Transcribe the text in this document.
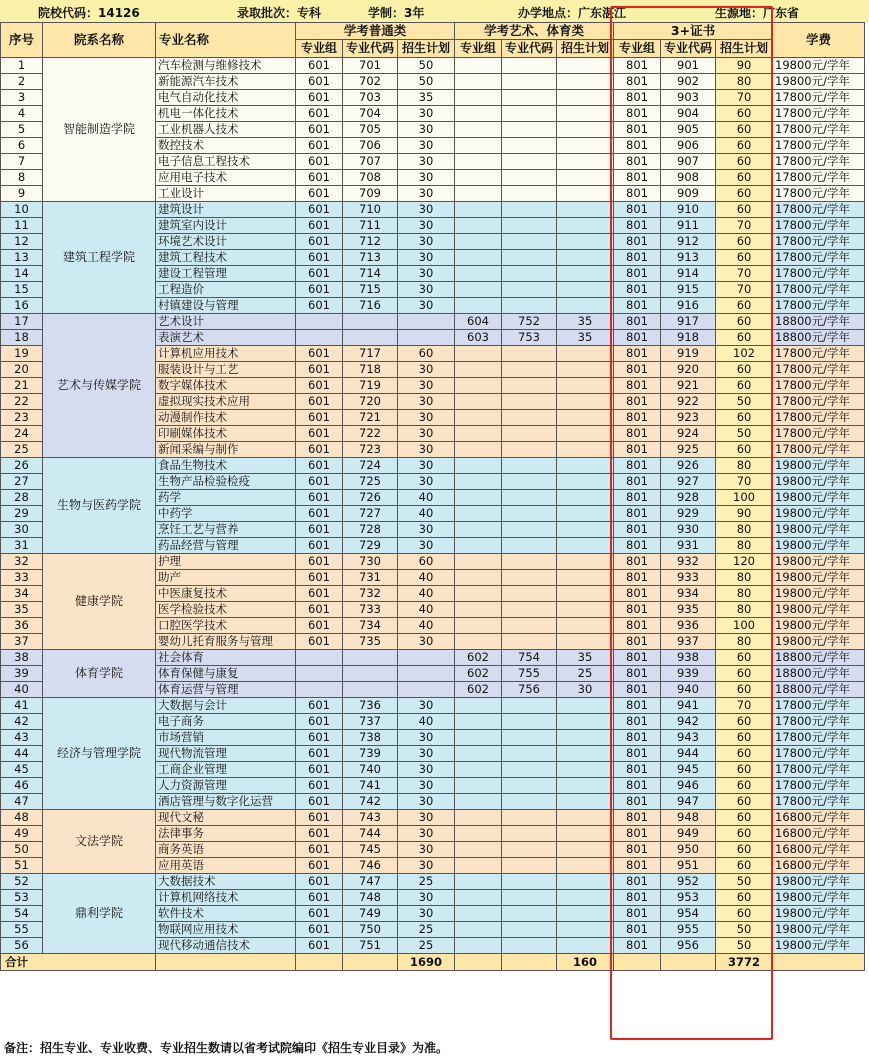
院校代码：14126	录取批次：专科	学制：3年	办学地点：广东湛江	生源地：广东省
序号	院系名称	专业名称	学考普通类			学考艺术、体育类			3+证书			学费
			专业组	专业代码	招生计划	专业组	专业代码	招生计划	专业组	专业代码	招生计划	
1	智能制造学院	汽车检测与维修技术	601	701	50				801	901	90	19800元/学年
2		新能源汽车技术	601	702	50				801	902	80	19800元/学年
3		电气自动化技术	601	703	35				801	903	70	17800元/学年
4		机电一体化技术	601	704	30				801	904	60	17800元/学年
5		工业机器人技术	601	705	30				801	905	60	17800元/学年
6		数控技术	601	706	30				801	906	60	17800元/学年
7		电子信息工程技术	601	707	30				801	907	60	17800元/学年
8		应用电子技术	601	708	30				801	908	60	17800元/学年
9		工业设计	601	709	30				801	909	60	17800元/学年
10	建筑工程学院	建筑设计	601	710	30				801	910	60	17800元/学年
11		建筑室内设计	601	711	30				801	911	70	17800元/学年
12		环境艺术设计	601	712	30				801	912	60	17800元/学年
13		建筑工程技术	601	713	30				801	913	60	17800元/学年
14		建设工程管理	601	714	30				801	914	70	17800元/学年
15		工程造价	601	715	30				801	915	70	17800元/学年
16		村镇建设与管理	601	716	30				801	916	60	17800元/学年
17	艺术与传媒学院	艺术设计				604	752	35	801	917	60	18800元/学年
18		表演艺术				603	753	35	801	918	60	18800元/学年
19		计算机应用技术	601	717	60				801	919	102	17800元/学年
20		服装设计与工艺	601	718	30				801	920	60	17800元/学年
21		数字媒体技术	601	719	30				801	921	60	17800元/学年
22		虚拟现实技术应用	601	720	30				801	922	50	17800元/学年
23		动漫制作技术	601	721	30				801	923	60	17800元/学年
24		印刷媒体技术	601	722	30				801	924	50	17800元/学年
25		新闻采编与制作	601	723	30				801	925	60	17800元/学年
26	生物与医药学院	食品生物技术	601	724	30				801	926	80	19800元/学年
27		生物产品检验检疫	601	725	30				801	927	70	19800元/学年
28		药学	601	726	40				801	928	100	19800元/学年
29		中药学	601	727	40				801	929	90	19800元/学年
30		烹饪工艺与营养	601	728	30				801	930	80	19800元/学年
31		药品经营与管理	601	729	30				801	931	80	19800元/学年
32	健康学院	护理	601	730	60				801	932	120	19800元/学年
33		助产	601	731	40				801	933	80	19800元/学年
34		中医康复技术	601	732	40				801	934	80	19800元/学年
35		医学检验技术	601	733	40				801	935	80	19800元/学年
36		口腔医学技术	601	734	40				801	936	100	19800元/学年
37		婴幼儿托育服务与管理	601	735	30				801	937	80	19800元/学年
38	体育学院	社会体育				602	754	35	801	938	60	18800元/学年
39		体育保健与康复				602	755	25	801	939	60	18800元/学年
40		体育运营与管理				602	756	30	801	940	60	18800元/学年
41	经济与管理学院	大数据与会计	601	736	30				801	941	70	17800元/学年
42		电子商务	601	737	40				801	942	60	17800元/学年
43		市场营销	601	738	30				801	943	60	17800元/学年
44		现代物流管理	601	739	30				801	944	60	17800元/学年
45		工商企业管理	601	740	30				801	945	60	17800元/学年
46		人力资源管理	601	741	30				801	946	60	17800元/学年
47		酒店管理与数字化运营	601	742	30				801	947	60	17800元/学年
48	文法学院	现代文秘	601	743	30				801	948	60	16800元/学年
49		法律事务	601	744	30				801	949	60	16800元/学年
50		商务英语	601	745	30				801	950	60	16800元/学年
51		应用英语	601	746	30				801	951	60	16800元/学年
52	鼎利学院	大数据技术	601	747	25				801	952	50	19800元/学年
53		计算机网络技术	601	748	30				801	953	60	19800元/学年
54		软件技术	601	749	30				801	954	60	19800元/学年
55		物联网应用技术	601	750	25				801	955	50	19800元/学年
56		现代移动通信技术	601	751	25				801	956	50	19800元/学年
合计					1690			160			3772	
备注：招生专业、专业收费、专业招生数请以省考试院编印《招生专业目录》为准。
